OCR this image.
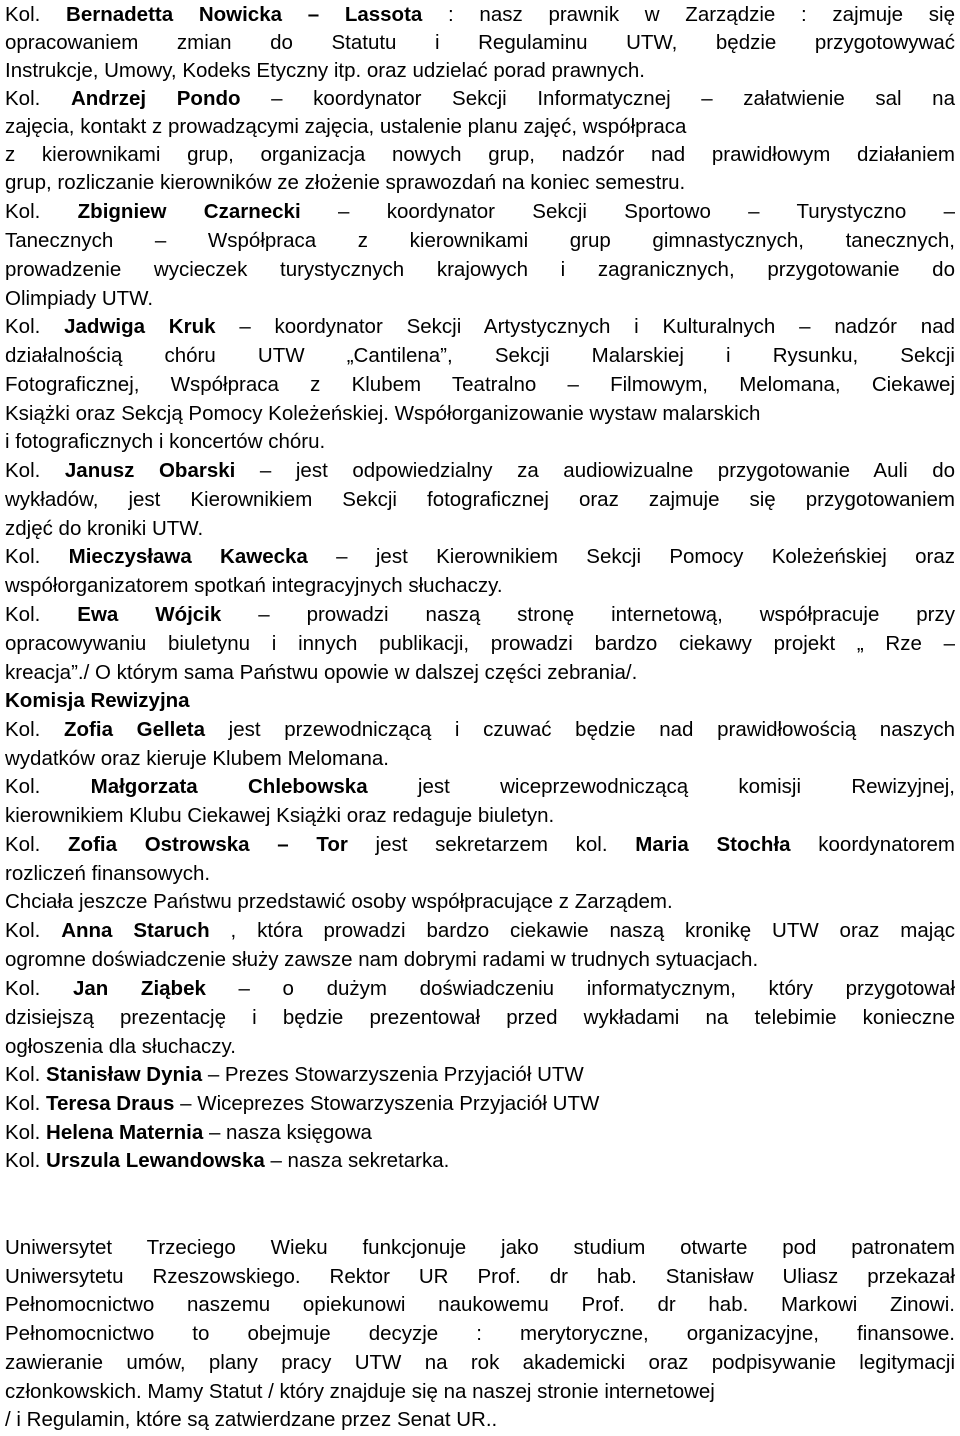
Kol. Bernadetta Nowicka – Lassota : nasz prawnik w Zarządzie : zajmuje się
opracowaniem zmian do Statutu i Regulaminu UTW, będzie przygotowywać
Instrukcje, Umowy, Kodeks Etyczny itp. oraz udzielać porad prawnych.
Kol. Andrzej Pondo – koordynator Sekcji Informatycznej – załatwienie sal na
zajęcia, kontakt z prowadzącymi zajęcia, ustalenie planu zajęć, współpraca
z kierownikami grup, organizacja nowych grup, nadzór nad prawidłowym działaniem
grup, rozliczanie kierowników ze złożenie sprawozdań na koniec semestru.
Kol. Zbigniew Czarnecki – koordynator Sekcji Sportowo – Turystyczno –
Tanecznych – Współpraca z kierownikami grup gimnastycznych, tanecznych,
prowadzenie wycieczek turystycznych krajowych i zagranicznych, przygotowanie do
Olimpiady UTW.
Kol. Jadwiga Kruk – koordynator Sekcji Artystycznych i Kulturalnych – nadzór nad
działalnością chóru UTW „Cantilena”, Sekcji Malarskiej i Rysunku, Sekcji
Fotograficznej, Współpraca z Klubem Teatralno – Filmowym, Melomana, Ciekawej
Książki oraz Sekcją Pomocy Koleżeńskiej. Współorganizowanie wystaw malarskich
i fotograficznych i koncertów chóru.
Kol. Janusz Obarski – jest odpowiedzialny za audiowizualne przygotowanie Auli do
wykładów, jest Kierownikiem Sekcji fotograficznej oraz zajmuje się przygotowaniem
zdjęć do kroniki UTW.
Kol. Mieczysława Kawecka – jest Kierownikiem Sekcji Pomocy Koleżeńskiej oraz
współorganizatorem spotkań integracyjnych słuchaczy.
Kol. Ewa Wójcik – prowadzi naszą stronę internetową, współpracuje przy
opracowywaniu biuletynu i innych publikacji, prowadzi bardzo ciekawy projekt „ Rze –
kreacja”./ O którym sama Państwu opowie w dalszej części zebrania/.
Komisja Rewizyjna
Kol. Zofia Gelleta jest przewodniczącą i czuwać będzie nad prawidłowością naszych
wydatków oraz kieruje Klubem Melomana.
Kol. Małgorzata Chlebowska jest wiceprzewodniczącą komisji Rewizyjnej,
kierownikiem Klubu Ciekawej Książki oraz redaguje biuletyn.
Kol. Zofia Ostrowska – Tor jest sekretarzem kol. Maria Stochła koordynatorem
rozliczeń finansowych.
Chciała jeszcze Państwu przedstawić osoby współpracujące z Zarządem.
Kol. Anna Staruch , która prowadzi bardzo ciekawie naszą kronikę UTW oraz mając
ogromne doświadczenie służy zawsze nam dobrymi radami w trudnych sytuacjach.
Kol. Jan Ziąbek – o dużym doświadczeniu informatycznym, który przygotował
dzisiejszą prezentację i będzie prezentował przed wykładami na telebimie konieczne
ogłoszenia dla słuchaczy.
Kol. Stanisław Dynia – Prezes Stowarzyszenia Przyjaciół UTW
Kol. Teresa Draus – Wiceprezes Stowarzyszenia Przyjaciół UTW
Kol. Helena Maternia – nasza księgowa
Kol. Urszula Lewandowska – nasza sekretarka.
Uniwersytet Trzeciego Wieku funkcjonuje jako studium otwarte pod patronatem
Uniwersytetu Rzeszowskiego. Rektor UR Prof. dr hab. Stanisław Uliasz przekazał
Pełnomocnictwo naszemu opiekunowi naukowemu Prof. dr hab. Markowi Zinowi.
Pełnomocnictwo to obejmuje decyzje : merytoryczne, organizacyjne, finansowe.
zawieranie umów, plany pracy UTW na rok akademicki oraz podpisywanie legitymacji
członkowskich. Mamy Statut / który znajduje się na naszej stronie internetowej
/ i Regulamin, które są zatwierdzane przez Senat UR..
